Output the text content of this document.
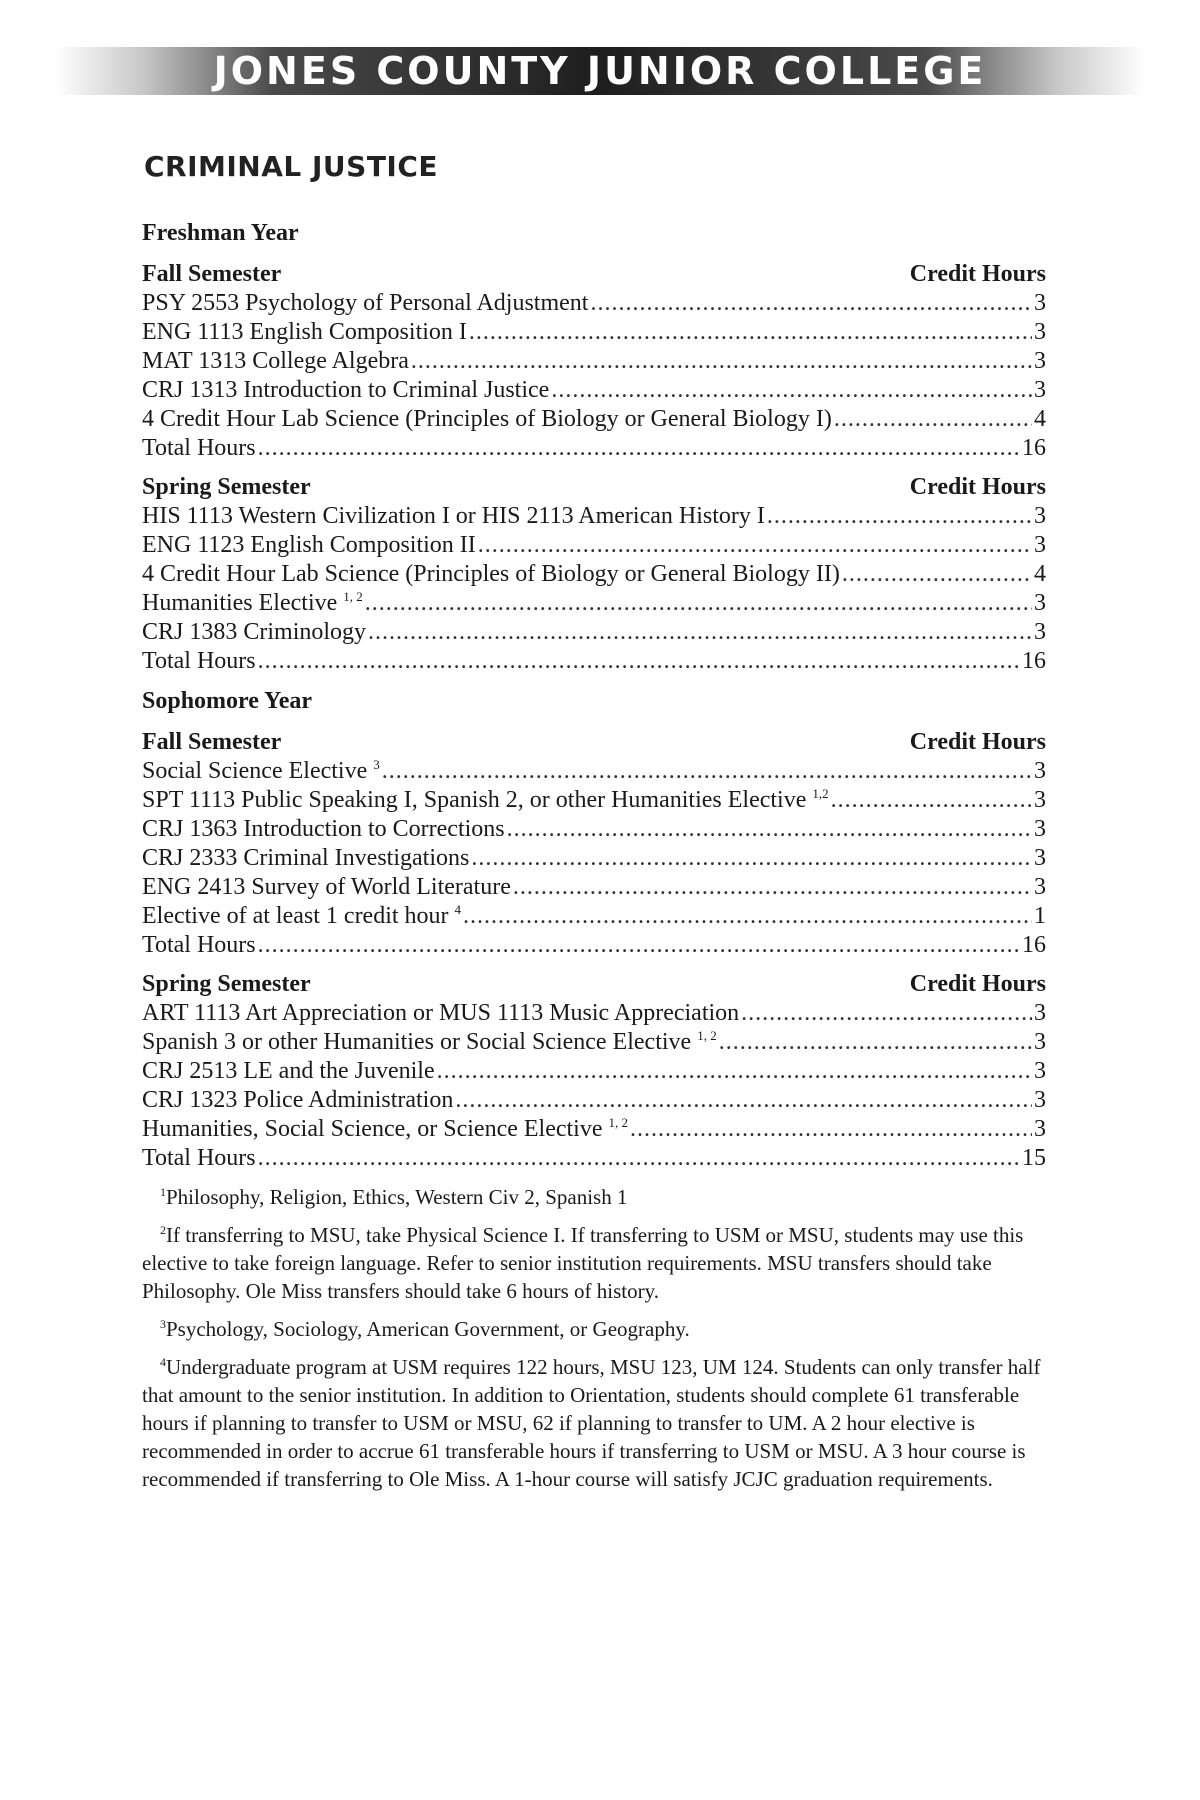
JONES COUNTY JUNIOR COLLEGE
CRIMINAL JUSTICE
Freshman Year
Fall Semester	Credit Hours
PSY 2553 Psychology of Personal Adjustment .....	3
ENG 1113 English Composition I .....	3
MAT 1313 College Algebra .....	3
CRJ 1313 Introduction to Criminal Justice .....	3
4 Credit Hour Lab Science (Principles of Biology or General Biology I) .....	4
Total Hours .....	16
Spring Semester	Credit Hours
HIS 1113 Western Civilization I or HIS 2113 American History I .....	3
ENG 1123 English Composition II .....	3
4 Credit Hour Lab Science (Principles of Biology or General Biology II) .....	4
Humanities Elective $^{1, 2}$ .....	3
CRJ 1383 Criminology .....	3
Total Hours .....	16
Sophomore Year
Fall Semester	Credit Hours
Social Science Elective $^3$ .....	3
SPT 1113 Public Speaking I, Spanish 2, or other Humanities Elective $^{1,2}$ .....	3
CRJ 1363 Introduction to Corrections .....	3
CRJ 2333 Criminal Investigations .....	3
ENG 2413 Survey of World Literature .....	3
Elective of at least 1 credit hour $^4$ .....	1
Total Hours .....	16
Spring Semester	Credit Hours
ART 1113 Art Appreciation or MUS 1113 Music Appreciation .....	3
Spanish 3 or other Humanities or Social Science Elective $^{1, 2}$ .....	3
CRJ 2513 LE and the Juvenile .....	3
CRJ 1323 Police Administration .....	3
Humanities, Social Science, or Science Elective $^{1, 2}$ .....	3
Total Hours .....	15
$^1$Philosophy, Religion, Ethics, Western Civ 2, Spanish 1
$^2$If transferring to MSU, take Physical Science I. If transferring to USM or MSU, students may use this elective to take foreign language. Refer to senior institution requirements. MSU transfers should take Philosophy. Ole Miss transfers should take 6 hours of history.
$^3$Psychology, Sociology, American Government, or Geography.
$^4$Undergraduate program at USM requires 122 hours, MSU 123, UM 124. Students can only transfer half that amount to the senior institution. In addition to Orientation, students should complete 61 transferable hours if planning to transfer to USM or MSU, 62 if planning to transfer to UM. A 2 hour elective is recommended in order to accrue 61 transferable hours if transferring to USM or MSU. A 3 hour course is recommended if transferring to Ole Miss. A 1-hour course will satisfy JCJC graduation requirements.
